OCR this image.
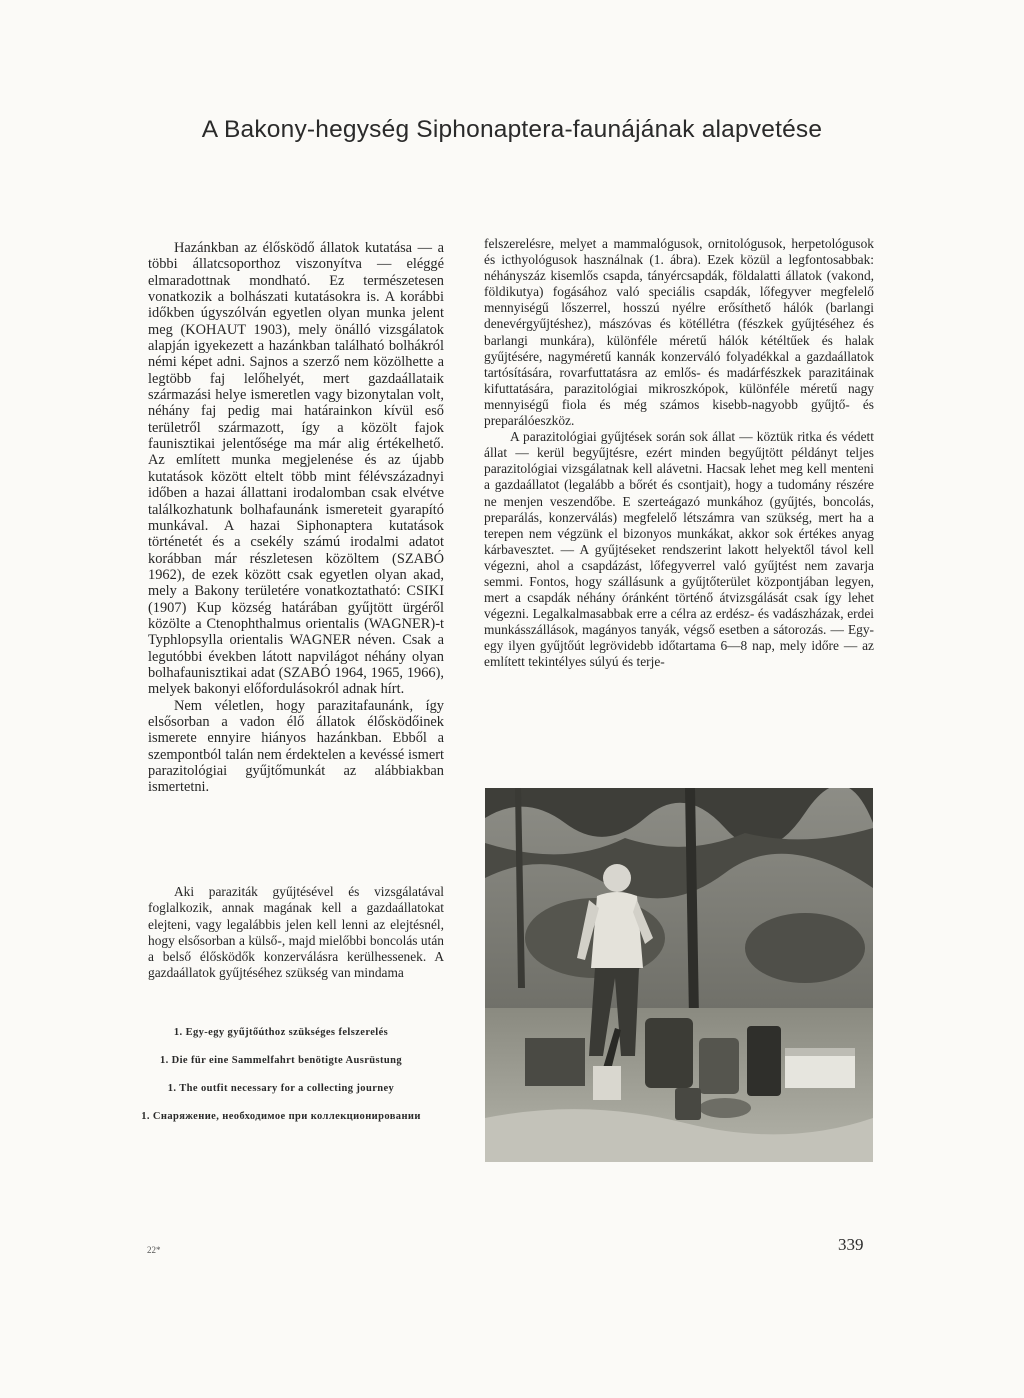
A Bakony-hegység Siphonaptera-faunájának alapvetése

Hazánkban az élősködő állatok kutatása — a többi állatcsoporthoz viszonyítva — eléggé elmaradottnak mondható. Ez természetesen vonatkozik a bolhászati kutatásokra is. A korábbi időkben úgyszólván egyetlen olyan munka jelent meg (KOHAUT 1903), mely önálló vizsgálatok alapján igyekezett a hazánkban található bolhákról némi képet adni. Sajnos a szerző nem közölhette a legtöbb faj lelőhelyét, mert gazdaállataik származási helye ismeretlen vagy bizonytalan volt, néhány faj pedig mai határainkon kívül eső területről származott, így a közölt fajok faunisztikai jelentősége ma már alig értékelhető. Az említett munka megjelenése és az újabb kutatások között eltelt több mint félévszázadnyi időben a hazai állattani irodalomban csak elvétve találkozhatunk bolhafaunánk ismereteit gyarapító munkával. A hazai Siphonaptera kutatások történetét és a csekély számú irodalmi adatot korábban már részletesen közöltem (SZABÓ 1962), de ezek között csak egyetlen olyan akad, mely a Bakony területére vonatkoztatható: CSIKI (1907) Kup község határában gyűjtött ürgéről közölte a Ctenophthalmus orientalis (WAGNER)-t Typhlopsylla orientalis WAGNER néven. Csak a legutóbbi években látott napvilágot néhány olyan bolhafaunisztikai adat (SZABÓ 1964, 1965, 1966), melyek bakonyi előfordulásokról adnak hírt.

Nem véletlen, hogy parazitafaunánk, így elsősorban a vadon élő állatok élősködőinek ismerete ennyire hiányos hazánkban. Ebből a szempontból talán nem érdektelen a kevéssé ismert parazitológiai gyűjtőmunkát az alábbiakban ismertetni.

Aki paraziták gyűjtésével és vizsgálatával foglalkozik, annak magának kell a gazdaállatokat elejteni, vagy legalábbis jelen kell lenni az elejtésnél, hogy elsősorban a külső-, majd mielőbbi boncolás után a belső élősködők konzerválásra kerülhessenek. A gazdaállatok gyűjtéséhez szükség van mindama

felszerelésre, melyet a mammalógusok, ornitológusok, herpetológusok és icthyológusok használnak (1. ábra). Ezek közül a legfontosabbak: néhányszáz kisemlős csapda, tányércsapdák, földalatti állatok (vakond, földikutya) fogásához való speciális csapdák, lőfegyver megfelelő mennyiségű lőszerrel, hosszú nyélre erősíthető hálók (barlangi denevérgyűjtéshez), mászóvas és kötéllétra (fészkek gyűjtéséhez és barlangi munkára), különféle méretű hálók kétéltűek és halak gyűjtésére, nagyméretű kannák konzerváló folyadékkal a gazdaállatok tartósítására, rovarfuttatásra az emlős- és madárfészkek parazitáinak kifuttatására, parazitológiai mikroszkópok, különféle méretű nagy mennyiségű fiola és még számos kisebb-nagyobb gyűjtő- és preparálóeszköz.

A parazitológiai gyűjtések során sok állat — köztük ritka és védett állat — kerül begyűjtésre, ezért minden begyűjtött példányt teljes parazitológiai vizsgálatnak kell alávetni. Hacsak lehet meg kell menteni a gazdaállatot (legalább a bőrét és csontjait), hogy a tudomány részére ne menjen veszendőbe. E szerteágazó munkához (gyűjtés, boncolás, preparálás, konzerválás) megfelelő létszámra van szükség, mert ha a terepen nem végzünk el bizonyos munkákat, akkor sok értékes anyag kárbavesztet. — A gyűjtéseket rendszerint lakott helyektől távol kell végezni, ahol a csapdázást, lőfegyverrel való gyűjtést nem zavarja semmi. Fontos, hogy szállásunk a gyűjtőterület központjában legyen, mert a csapdák néhány óránként történő átvizsgálását csak így lehet végezni. Legalkalmasabbak erre a célra az erdész- és vadászházak, erdei munkásszállások, magányos tanyák, végső esetben a sátorozás. — Egy-egy ilyen gyűjtőút legrövidebb időtartama 6—8 nap, mely időre — az említett tekintélyes súlyú és terje-

1. Egy-egy gyűjtőúthoz szükséges felszerelés
1. Die für eine Sammelfahrt benötigte Ausrüstung
1. The outfit necessary for a collecting journey
1. Снаряжение, необходимое при коллекционировании
22*	339
